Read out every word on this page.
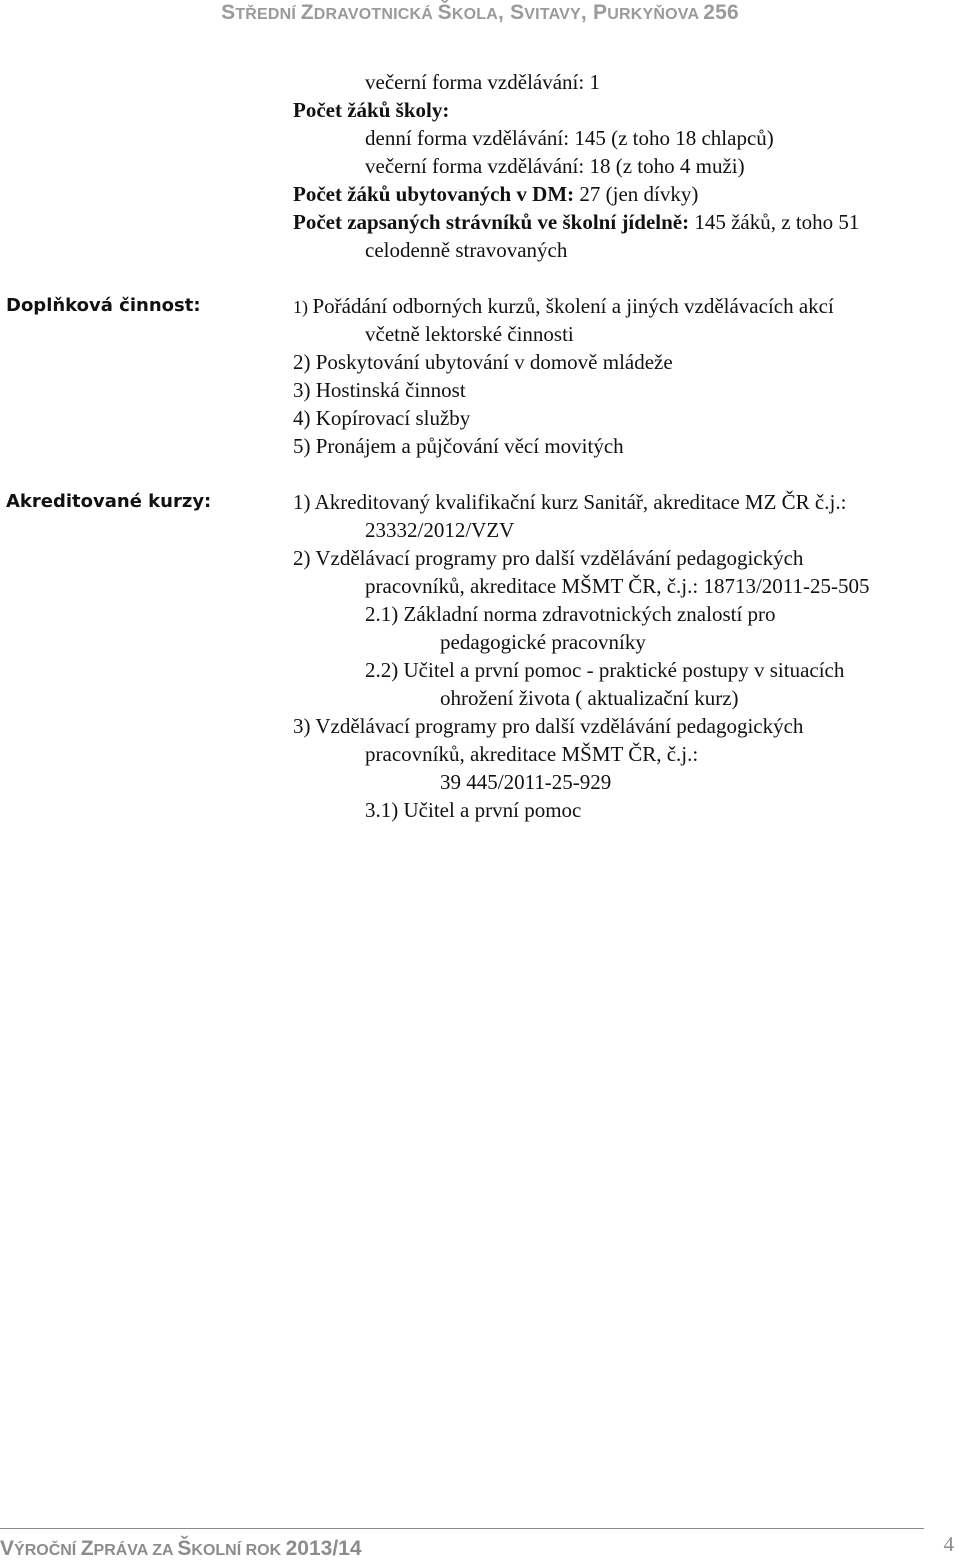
STŘEDNÍ ZDRAVOTNICKÁ ŠKOLA, SVITAVY, PURKYŇOVA 256
večerní forma vzdělávání: 1
Počet žáků školy:
denní forma vzdělávání: 145 (z toho 18 chlapců)
večerní forma vzdělávání: 18 (z toho 4 muži)
Počet žáků ubytovaných v DM: 27 (jen dívky)
Počet zapsaných strávníků ve školní jídelně: 145 žáků, z toho 51
celodenně stravovaných
Doplňková činnost:	1) Pořádání odborných kurzů, školení a jiných vzdělávacích akcí
včetně lektorské činnosti
2) Poskytování ubytování v domově mládeže
3) Hostinská činnost
4) Kopírovací služby
5) Pronájem a půjčování věcí movitých
Akreditované kurzy:	1) Akreditovaný kvalifikační kurz Sanitář, akreditace MZ ČR č.j.:
23332/2012/VZV
2) Vzdělávací programy pro další vzdělávání pedagogických
pracovníků, akreditace MŠMT ČR, č.j.: 18713/2011-25-505
2.1) Základní norma zdravotnických znalostí pro
pedagogické pracovníky
2.2) Učitel a první pomoc - praktické postupy v situacích
ohrožení života ( aktualizační kurz)
3) Vzdělávací programy pro další vzdělávání pedagogických
pracovníků, akreditace MŠMT ČR, č.j.:
39 445/2011-25-929
3.1) Učitel a první pomoc
VÝROČNÍ ZPRÁVA ZA ŠKOLNÍ ROK 2013/14	4
